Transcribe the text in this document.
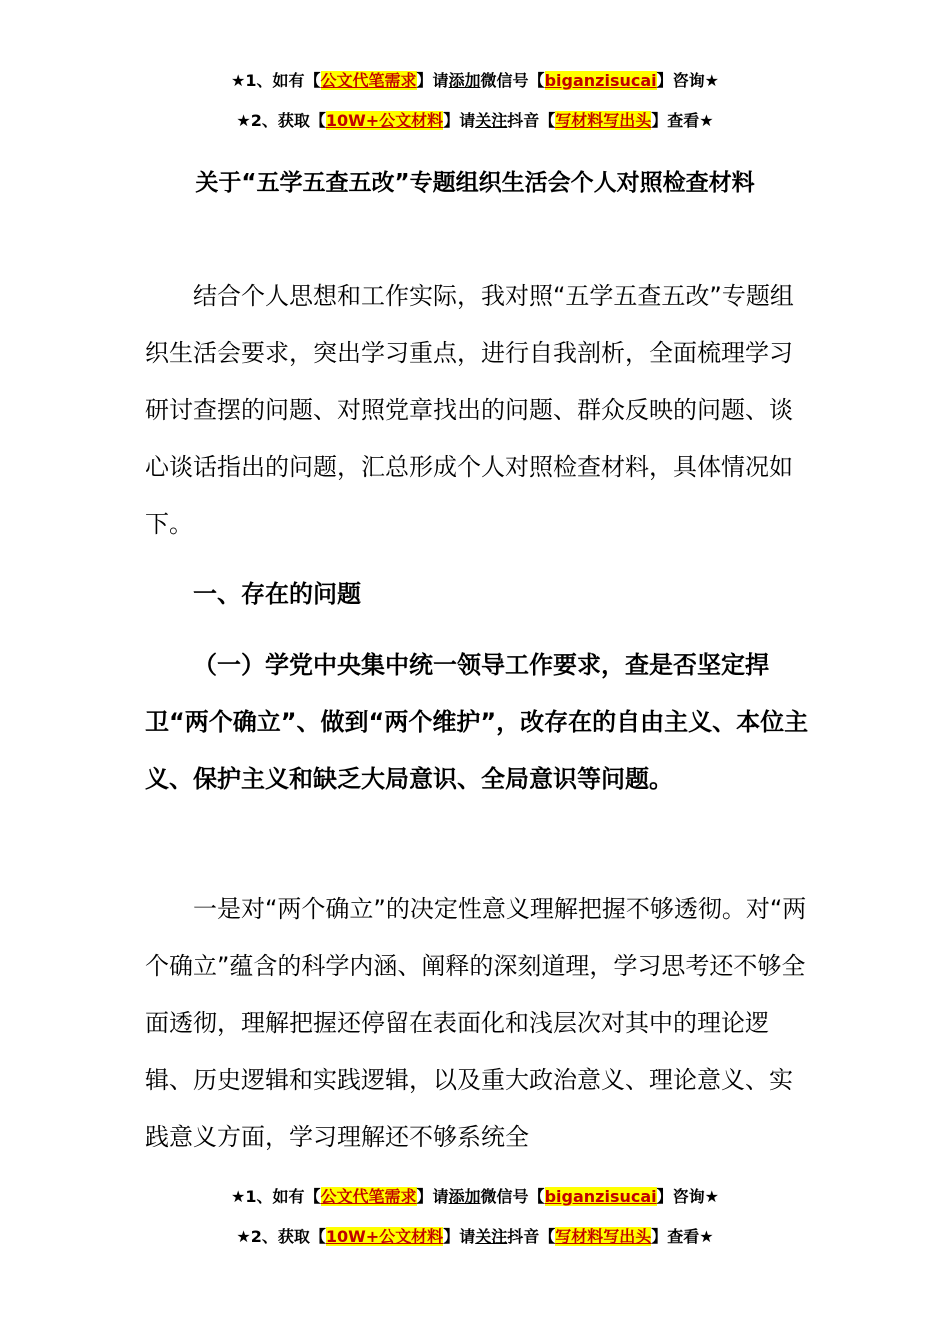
★1、如有【公文代笔需求】请添加微信号【biganzisucai】咨询★
★2、获取【10W+公文材料】请关注抖音【写材料写出头】查看★
关于“五学五查五改”专题组织生活会个人对照检查材料

结合个人思想和工作实际，我对照“五学五查五改”专题组织生活会要求，突出学习重点，进行自我剖析，全面梳理学习研讨查摆的问题、对照党章找出的问题、群众反映的问题、谈心谈话指出的问题，汇总形成个人对照检查材料，具体情况如下。

一、存在的问题

（一）学党中央集中统一领导工作要求，查是否坚定捍卫“两个确立”、做到“两个维护”，改存在的自由主义、本位主义、保护主义和缺乏大局意识、全局意识等问题。

一是对“两个确立”的决定性意义理解把握不够透彻。对“两个确立”蕴含的科学内涵、阐释的深刻道理，学习思考还不够全面透彻，理解把握还停留在表面化和浅层次对其中的理论逻辑、历史逻辑和实践逻辑，以及重大政治意义、理论意义、实践意义方面，学习理解还不够系统全

★1、如有【公文代笔需求】请添加微信号【biganzisucai】咨询★
★2、获取【10W+公文材料】请关注抖音【写材料写出头】查看★
